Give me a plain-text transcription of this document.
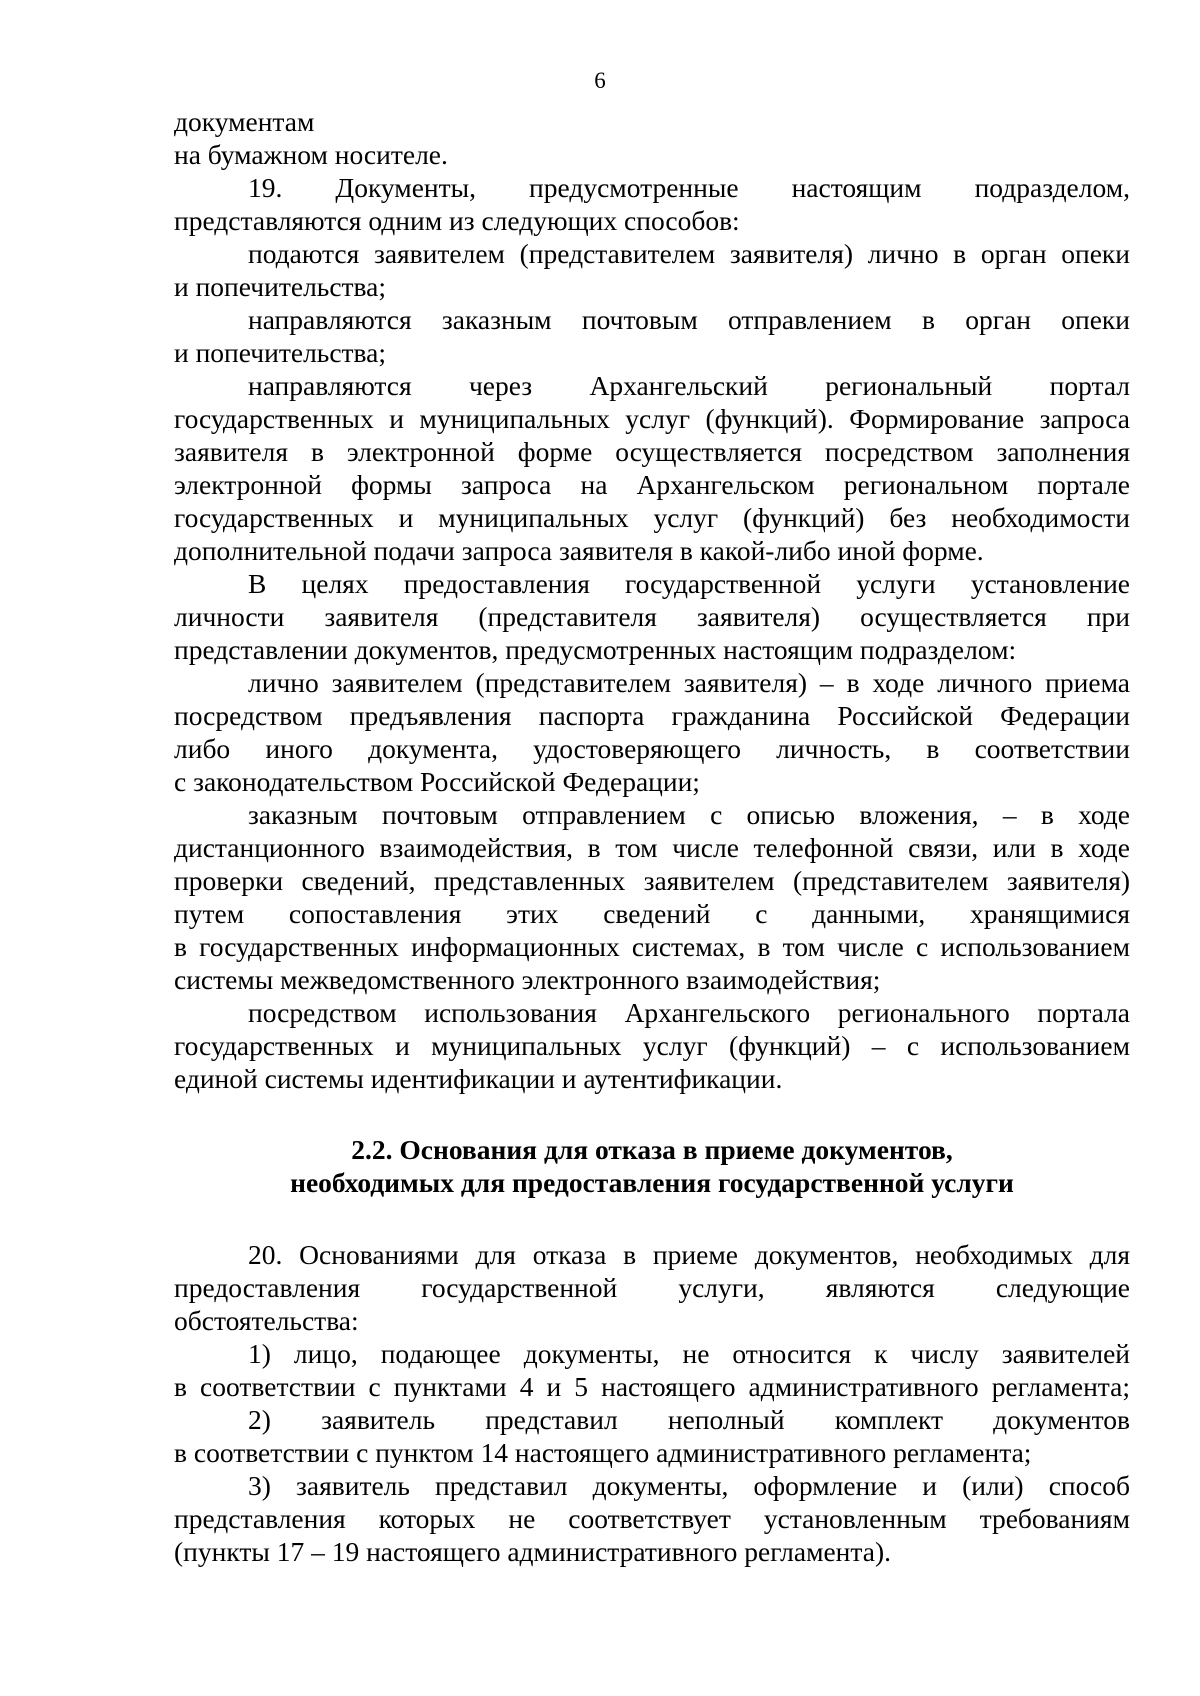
6
документам
на бумажном носителе.
19. Документы, предусмотренные настоящим подразделом,
представляются одним из следующих способов:
подаются заявителем (представителем заявителя) лично в орган опеки
и попечительства;
направляются заказным почтовым отправлением в орган опеки
и попечительства;
направляются через Архангельский региональный портал
государственных и муниципальных услуг (функций). Формирование запроса
заявителя в электронной форме осуществляется посредством заполнения
электронной формы запроса на Архангельском региональном портале
государственных и муниципальных услуг (функций) без необходимости
дополнительной подачи запроса заявителя в какой-либо иной форме.
В целях предоставления государственной услуги установление
личности заявителя (представителя заявителя) осуществляется при
представлении документов, предусмотренных настоящим подразделом:
лично заявителем (представителем заявителя) – в ходе личного приема
посредством предъявления паспорта гражданина Российской Федерации
либо иного документа, удостоверяющего личность, в соответствии
с законодательством Российской Федерации;
заказным почтовым отправлением с описью вложения, – в ходе
дистанционного взаимодействия, в том числе телефонной связи, или в ходе
проверки сведений, представленных заявителем (представителем заявителя)
путем сопоставления этих сведений с данными, хранящимися
в государственных информационных системах, в том числе с использованием
системы межведомственного электронного взаимодействия;
посредством использования Архангельского регионального портала
государственных и муниципальных услуг (функций) – с использованием
единой системы идентификации и аутентификации.
2.2. Основания для отказа в приеме документов,
необходимых для предоставления государственной услуги
20. Основаниями для отказа в приеме документов, необходимых для
предоставления государственной услуги, являются следующие
обстоятельства:
1) лицо, подающее документы, не относится к числу заявителей
в соответствии с пунктами 4 и 5 настоящего административного регламента;
2) заявитель представил неполный комплект документов
в соответствии с пунктом 14 настоящего административного регламента;
3) заявитель представил документы, оформление и (или) способ
представления которых не соответствует установленным требованиям
(пункты 17 – 19 настоящего административного регламента).
